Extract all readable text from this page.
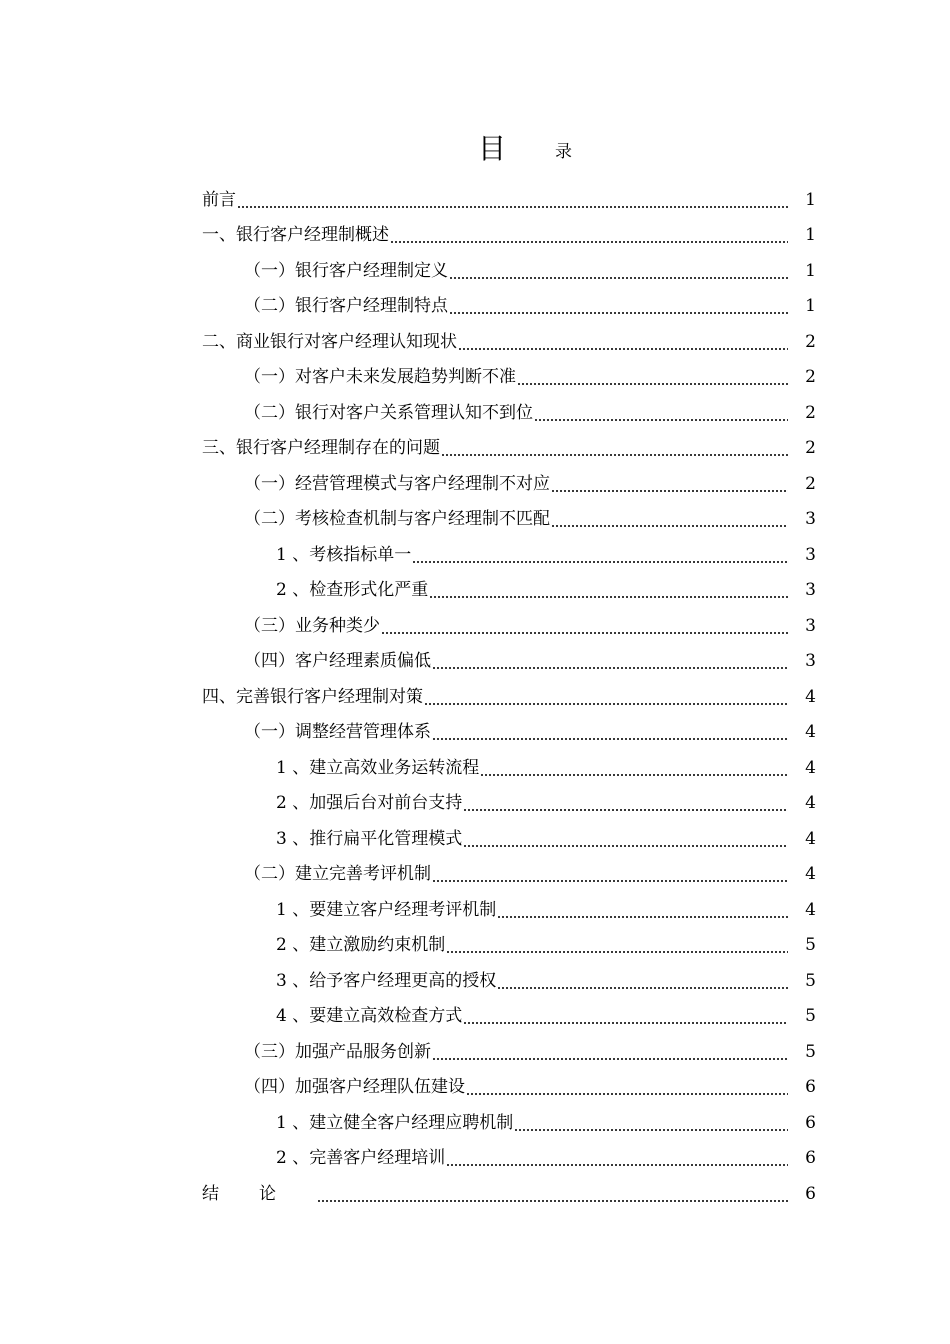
目	录
前言	1
一、银行客户经理制概述	1
（一）银行客户经理制定义	1
（二）银行客户经理制特点	1
二、商业银行对客户经理认知现状	2
（一）对客户未来发展趋势判断不准	2
（二）银行对客户关系管理认知不到位	2
三、银行客户经理制存在的问题	2
（一）经营管理模式与客户经理制不对应	2
（二）考核检查机制与客户经理制不匹配	3
1 、考核指标单一	3
2 、检查形式化严重	3
（三）业务种类少	3
（四）客户经理素质偏低	3
四、完善银行客户经理制对策	4
（一）调整经营管理体系	4
1 、建立高效业务运转流程	4
2 、加强后台对前台支持	4
3 、推行扁平化管理模式	4
（二）建立完善考评机制	4
1 、要建立客户经理考评机制	4
2 、建立激励约束机制	5
3 、给予客户经理更高的授权	5
4 、要建立高效检查方式	5
（三）加强产品服务创新	5
（四）加强客户经理队伍建设	6
1 、建立健全客户经理应聘机制	6
2 、完善客户经理培训	6
结论	6
